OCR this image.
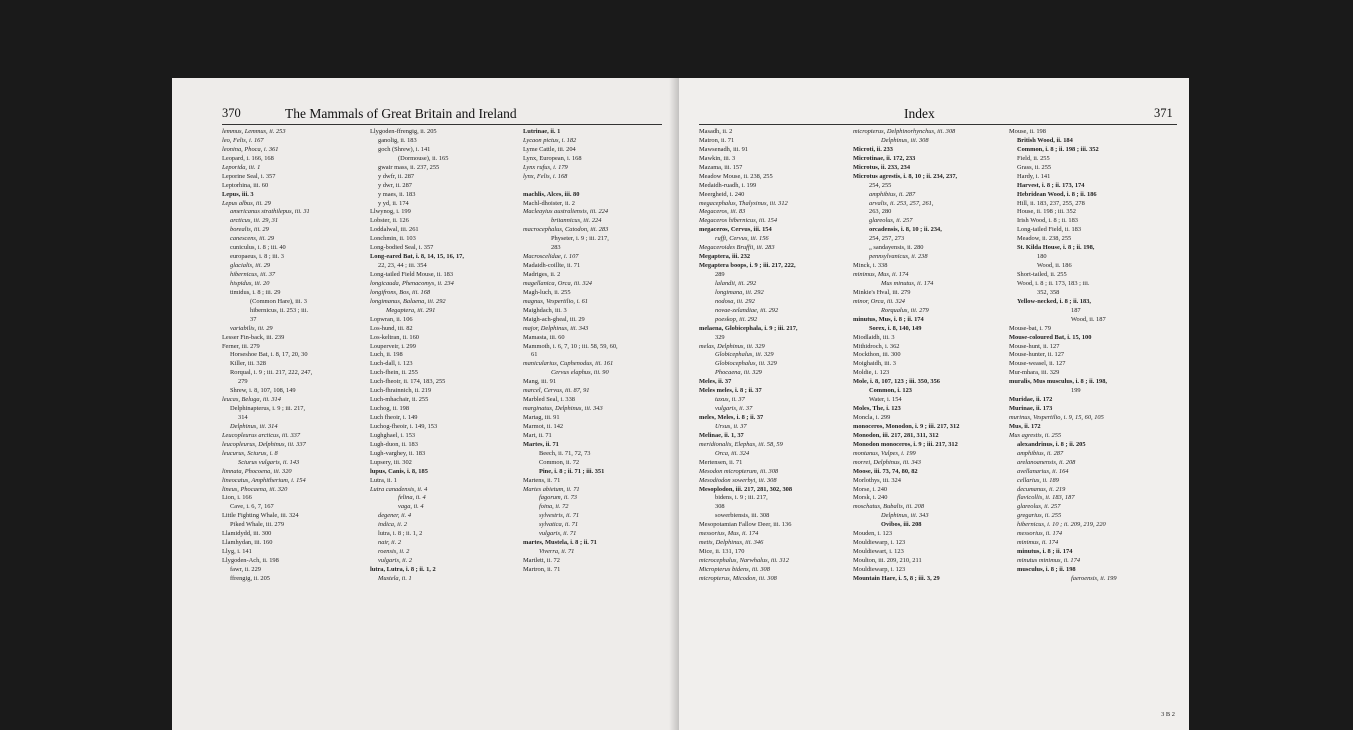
370	The Mammals of Great Britain and Ireland
lemmus, Lemmus, ii. 253
leo, Felis, i. 167
leonina, Phoca, i. 361
Leopard, i. 166, 168
Leporida, iii. 1
Leporine Seal, i. 357
Leptorhina, iii. 60
Lepus, iii. 3
Lepus albus, iii. 29
americanus strathilepus, iii. 31
arcticus, iii. 29, 31
borealis, iii. 29
canescens, iii. 29
cuniculus, i. 8 ; iii. 40
europaeus, i. 8 ; iii. 3
glacialis, iii. 29
hibernicus, iii. 37
hispidus, iii. 20
timidus, i. 8 ; iii. 29
(Common Hare), iii. 3
hibernicus, ii. 253 ; iii.
37
variabilis, iii. 29
Lesser Fin-back, iii. 239
Ferner, iii. 279
Horseshoe Bat, i. 8, 17, 20, 30
Killer, iii. 328
Rorqual, i. 9 ; iii. 217, 222, 247,
279
Shrew, i. 8, 107, 108, 149
leucas, Beluga, iii. 314
Delphinapterus, i. 9 ; iii. 217,
314
Delphinus, iii. 314
Leucopleurus arcticus, iii. 337
leucopleurus, Delphinus, iii. 337
leucurus, Sciurus, i. 8
Sciurus vulgaris, ii. 143
limnata, Phocoena, iii. 320
lineocatus, Amphitherium, i. 154
lineus, Phocaena, iii. 320
Lion, i. 166
Cave, i. 6, 7, 167
Little Fighting Whale, iii. 324
Piked Whale, iii. 279
Llamidydd, iii. 300
Llamhydan, iii. 160
Llyg, i. 141
Llygoden-Ach, ii. 198
fawr, ii. 229
ffrengig, ii. 205
Llygoden-ffrengig, ii. 205
ganolig, ii. 183
goch (Shrew), i. 141
(Dormouse), ii. 165
gwair mass, ii. 237, 255
y dwfr, ii. 287
y dwr, ii. 287
y maes, ii. 183
y yd, ii. 174
Llwynog, i. 199
Lobster, ii. 126
Loddalwal, iii. 261
Lonchmin, ii. 103
Long-bodied Seal, i. 357
Long-eared Bat, i. 8, 14, 15, 16, 17,
22, 23, 44 ; iii. 354
Long-tailed Field Mouse, ii. 183
longicauda, Phenacomys, ii. 234
longifrons, Bos, iii. 168
longimanus, Balaena, iii. 292
Megaptera, iii. 291
Lopwran, ii. 106
Los-hund, iii. 82
Los-keltran, ii. 160
Louperveir, i. 299
Luch, ii. 198
Luch-dall, i. 123
Luch-fhein, ii. 255
Luch-fheoir, ii. 174, 183, 255
Luch-fhrainnich, ii. 219
Luch-mhachair, ii. 255
Luchog, ii. 198
Luch fheoir, i. 149
Luchog-fheoir, i. 149, 153
Lughghael, i. 153
Lugh-duon, ii. 183
Lugh-varghey, ii. 183
Lupsery, iii. 302
lupus, Canis, i. 8, 185
Lutra, ii. 1
Lutra canadensis, ii. 4
felina, ii. 4
vaga, ii. 4
degener, ii. 4
indica, ii. 2
lutra, i. 8 ; ii. 1, 2
nair, ii. 2
roensis, ii. 2
vulgaris, ii. 2
lutra, Lutra, i. 8 ; ii. 1, 2
Mustela, ii. 1
Lutrinae, ii. 1
Lycaon pictus, i. 182
Lyme Cattle, iii. 204
Lynx, European, i. 168
Lynx rufus, i. 179
lynx, Felis, i. 168
machlis, Alces, iii. 80
Machl-dhoister, ii. 2
Macleayius australiensis, iii. 224
britannicus, iii. 224
macrocephalus, Catodon, iii. 283
Physeter, i. 9 ; iii. 217,
283
Macroscelidae, i. 107
Madaidh-coillte, ii. 71
Madriges, ii. 2
magellanica, Orca, iii. 324
Magh-luch, ii. 255
magnus, Vespertilio, i. 61
Maighdach, iii. 3
Maigh-ach-gheal, iii. 29
major, Delphinus, iii. 343
Mamasta, iii. 60
Mammoth, i. 6, 7, 10 ; iii. 58, 59, 60,
61
manicularius, Cuphenodus, iii. 161
Cervus elaphus, iii. 90
Mang, iii. 91
marcel, Cervus, iii. 87, 91
Marbled Seal, i. 338
marginatus, Delphinus, iii. 343
Martag, iii. 91
Marmot, ii. 142
Mart, ii. 71
Martes, ii. 71
Beech, ii. 71, 72, 73
Common, ii. 72
Pine, i. 8 ; ii. 71 ; iii. 351
Martens, ii. 71
Martes abietum, ii. 71
fagorum, ii. 73
foina, ii. 72
sylvestris, ii. 71
sylvatica, ii. 71
vulgaris, ii. 71
martes, Mustela, i. 8 ; ii. 71
Viverra, ii. 71
Martlett, ii. 72
Martron, ii. 71
Index	371
Masadh, ii. 2
Matron, ii. 71
Mawsenadh, iii. 91
Mawkin, iii. 3
Mazama, iii. 157
Meadow Mouse, ii. 238, 255
Medaidh-ruadh, i. 199
Meergheid, i. 240
megacephalus, Thalysinus, iii. 312
Megaceros, iii. 83
Megaceros hibernicus, iii. 154
megaceros, Cervus, iii. 154
ruffi, Cervus, iii. 156
Megaceroides Bruffii, iii. 283
Megaptera, iii. 232
Megaptera boops, i. 9 ; iii. 217, 222,
289
lalandii, iii. 292
longimana, iii. 292
nodosa, iii. 292
novae-zelandiae, iii. 292
poeskop, iii. 292
melaena, Globicephala, i. 9 ; iii. 217,
329
melas, Delphinus, iii. 329
Globicephalus, iii. 329
Globiocephalus, iii. 329
Phocaena, iii. 329
Meles, ii. 37
Meles meles, i. 8 ; ii. 37
taxus, ii. 37
vulgaris, ii. 37
meles, Meles, i. 8 ; ii. 37
Ursus, ii. 37
Melinae, ii. 1, 37
meridionalis, Elephas, iii. 58, 59
Orca, iii. 324
Mertensen, ii. 71
Mesodon micropterum, iii. 308
Mesodiodon sowerbyi, iii. 308
Mesoplodon, iii. 217, 281, 302, 308
bidens, i. 9 ; iii. 217,
308
sowerbiensis, iii. 308
Mesopotamian Fallow Deer, iii. 136
messorius, Mus, ii. 174
metis, Delphinus, iii. 346
Mice, ii. 131, 170
microcephalus, Narwhalus, iii. 312
Micropterus bidens, iii. 308
micropterus, Micodon, iii. 308
micropterus, Delphinorhynchus, iii. 308
Delphinus, iii. 308
Microti, ii. 233
Microtinae, ii. 172, 233
Microtus, ii. 233, 234
Microtus agrestis, i. 8, 10 ; ii. 234, 237,
254, 255
amphibius, ii. 287
arvalis, ii. 253, 257, 261,
263, 280
glareolus, ii. 257
orcadensis, i. 8, 10 ; ii. 234,
254, 257, 273
„ sandayensis, ii. 280
pennsylvanicus, ii. 238
Minck, i. 338
minimus, Mus, ii. 174
Mus minutus, ii. 174
Minkie's Hval, iii. 279
minor, Orca, iii. 324
Rorqualus, iii. 279
minutus, Mus, i. 8 ; ii. 174
Sorex, i. 8, 140, 149
Miodlaidh, iii. 3
Mithidroch, i. 362
Mockthon, iii. 300
Moighaidh, iii. 3
Moldie, i. 123
Mole, i. 8, 107, 123 ; iii. 350, 356
Common, i. 123
Water, i. 154
Moles, The, i. 123
Moncla, i. 299
monoceros, Monodon, i. 9 ; iii. 217, 312
Monodon, iii. 217, 281, 311, 312
Monodon monoceros, i. 9 ; iii. 217, 312
montanus, Vulpes, i. 199
morrei, Delphinus, iii. 343
Moose, iii. 73, 74, 80, 82
Morlothys, iii. 324
Morse, i. 240
Morsk, i. 240
moschatus, Bubalis, iii. 208
Delphinus, iii. 343
Ovibos, iii. 208
Mouden, i. 123
Mouldiewarp, i. 123
Mouldiewart, i. 123
Moulton, iii. 209, 210, 211
Mouldiewarp, i. 123
Mountain Hare, i. 5, 8 ; iii. 3, 29
Mouse, ii. 198
British Wood, ii. 184
Common, i. 8 ; ii. 198 ; iii. 352
Field, ii. 255
Grass, ii. 255
Hardy, i. 141
Harvest, i. 8 ; ii. 173, 174
Hebridean Wood, i. 8 ; ii. 186
Hill, ii. 183, 237, 255, 278
House, ii. 198 ; iii. 352
Irish Wood, i. 8 ; ii. 183
Long-tailed Field, ii. 183
Meadow, ii. 238, 255
St. Kilda House, i. 8 ; ii. 198,
180
Wood, ii. 186
Short-tailed, ii. 255
Wood, i. 8 ; ii. 173, 183 ; iii.
352, 358
Yellow-necked, i. 8 ; ii. 183,
187
Wood, ii. 187
Mouse-bat, i. 79
Mouse-coloured Bat, i. 15, 100
Mouse-hunt, ii. 127
Mouse-hunter, ii. 127
Mouse-weasel, ii. 127
Mur-mhara, iii. 329
muralis, Mus musculus, i. 8 ; ii. 198,
199
Muridae, ii. 172
Murinae, ii. 173
murinus, Vespertilio, i. 9, 15, 60, 105
Mus, ii. 172
Mus agrestis, ii. 255
alexandrinus, i. 8 ; ii. 205
amphibius, ii. 287
arelanoanensis, ii. 208
avellanarius, ii. 164
cellarius, ii. 189
decumanus, ii. 219
flavicollis, ii. 183, 187
glareolus, ii. 257
gregarius, ii. 255
hibernicus, i. 10 ; ii. 209, 219, 220
messorius, ii. 174
minimus, ii. 174
minutus, i. 8 ; ii. 174
minutus minimus, ii. 174
musculus, i. 8 ; ii. 198
faeroensis, ii. 199
3 B 2
